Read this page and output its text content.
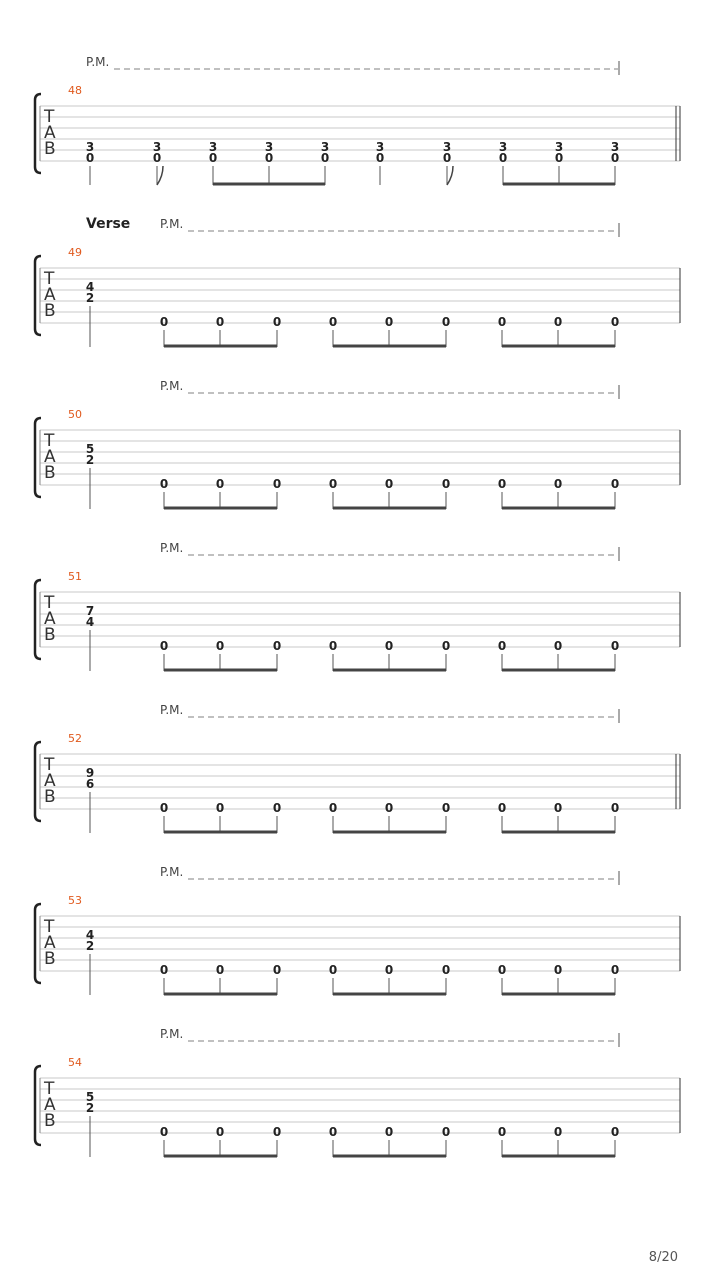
P.M.
48
T
A
B	3
0
3
0
3
0
3
0
3
0
3
0
3
0
3
0
3
0
3
0
Verse P.M.
49
T
A
B
4
2
0	0	0	0	0	0	0	0	0
P.M.
50
T
A
B
5
2
0	0	0	0	0	0	0	0	0
P.M.
51
T
A
B
7
4
0	0	0	0	0	0	0	0	0
P.M.
52
T
A
B
9
6
0	0	0	0	0	0	0	0	0
P.M.
53
T
A
B
4
2
0	0	0	0	0	0	0	0	0
P.M.
54
T
A
B
5
2
0	0	0	0	0	0	0	0	0
8/20
